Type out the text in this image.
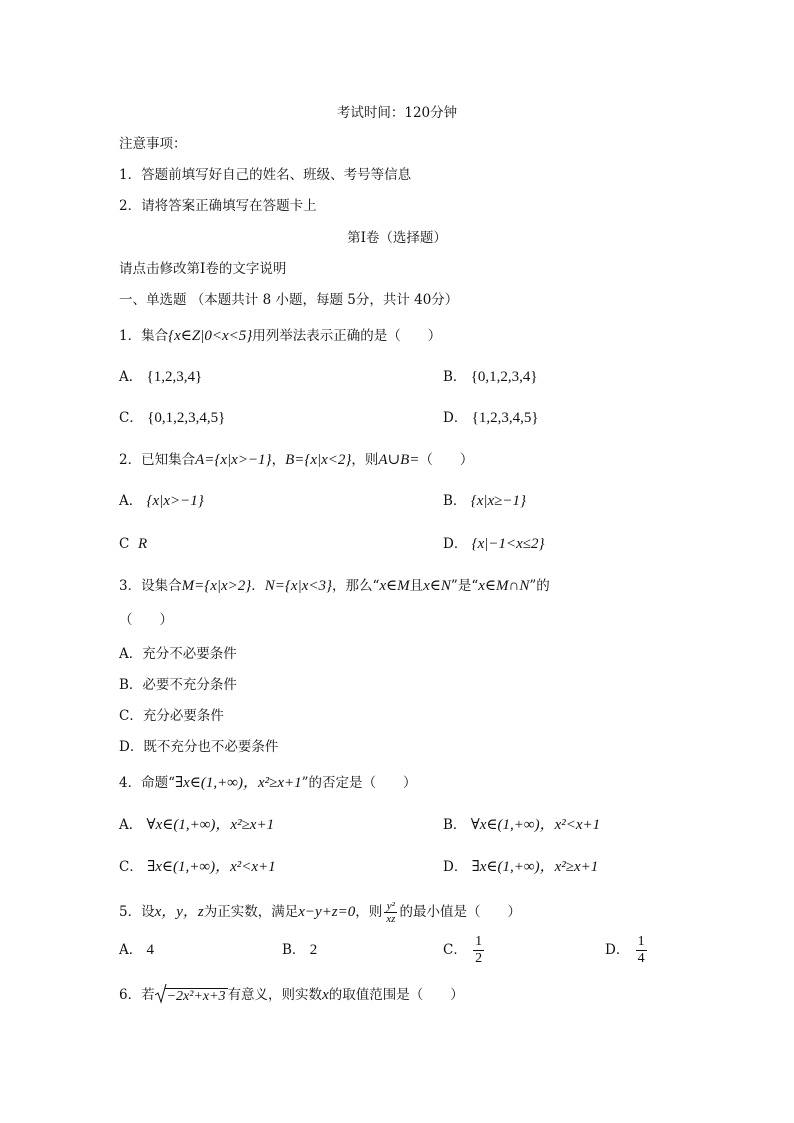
考试时间：120分钟
注意事项：
1．答题前填写好自己的姓名、班级、考号等信息
2．请将答案正确填写在答题卡上
第I卷（选择题）
请点击修改第I卷的文字说明
一、单选题 （本题共计 8 小题，每题 5分，共计 40分）
1．集合{x∈Z|0<x<5}用列举法表示正确的是（　　）
A． {1,2,3,4}	B． {0,1,2,3,4}
C． {0,1,2,3,4,5}	D． {1,2,3,4,5}
2．已知集合A={x|x>−1}，B={x|x<2}，则A∪B=（　　）
A． {x|x>−1}	B． {x|x≥−1}
C R	D． {x|−1<x≤2}
3．设集合M={x|x>2}．N={x|x<3}，那么“x∈M且x∈N”是“x∈M∩N”的
（　　）
A．充分不必要条件
B．必要不充分条件
C．充分必要条件
D．既不充分也不必要条件
4．命题“∃x∈(1,+∞)，x²≥x+1”的否定是（　　）
A． ∀x∈(1,+∞)，x²≥x+1	B． ∀x∈(1,+∞)，x²<x+1
C． ∃x∈(1,+∞)，x²<x+1	D． ∃x∈(1,+∞)，x²≥x+1
5．设x，y，z为正实数，满足x−y+z=0，则 $\frac{\text{y²}}{xz}$ 的最小值是（　　）
A． 4	B． 2	C． $\frac{1}{2}$	D． $\frac{1}{4}$
6．若 −2x²+x+3 有意义，则实数x的取值范围是（　　）
